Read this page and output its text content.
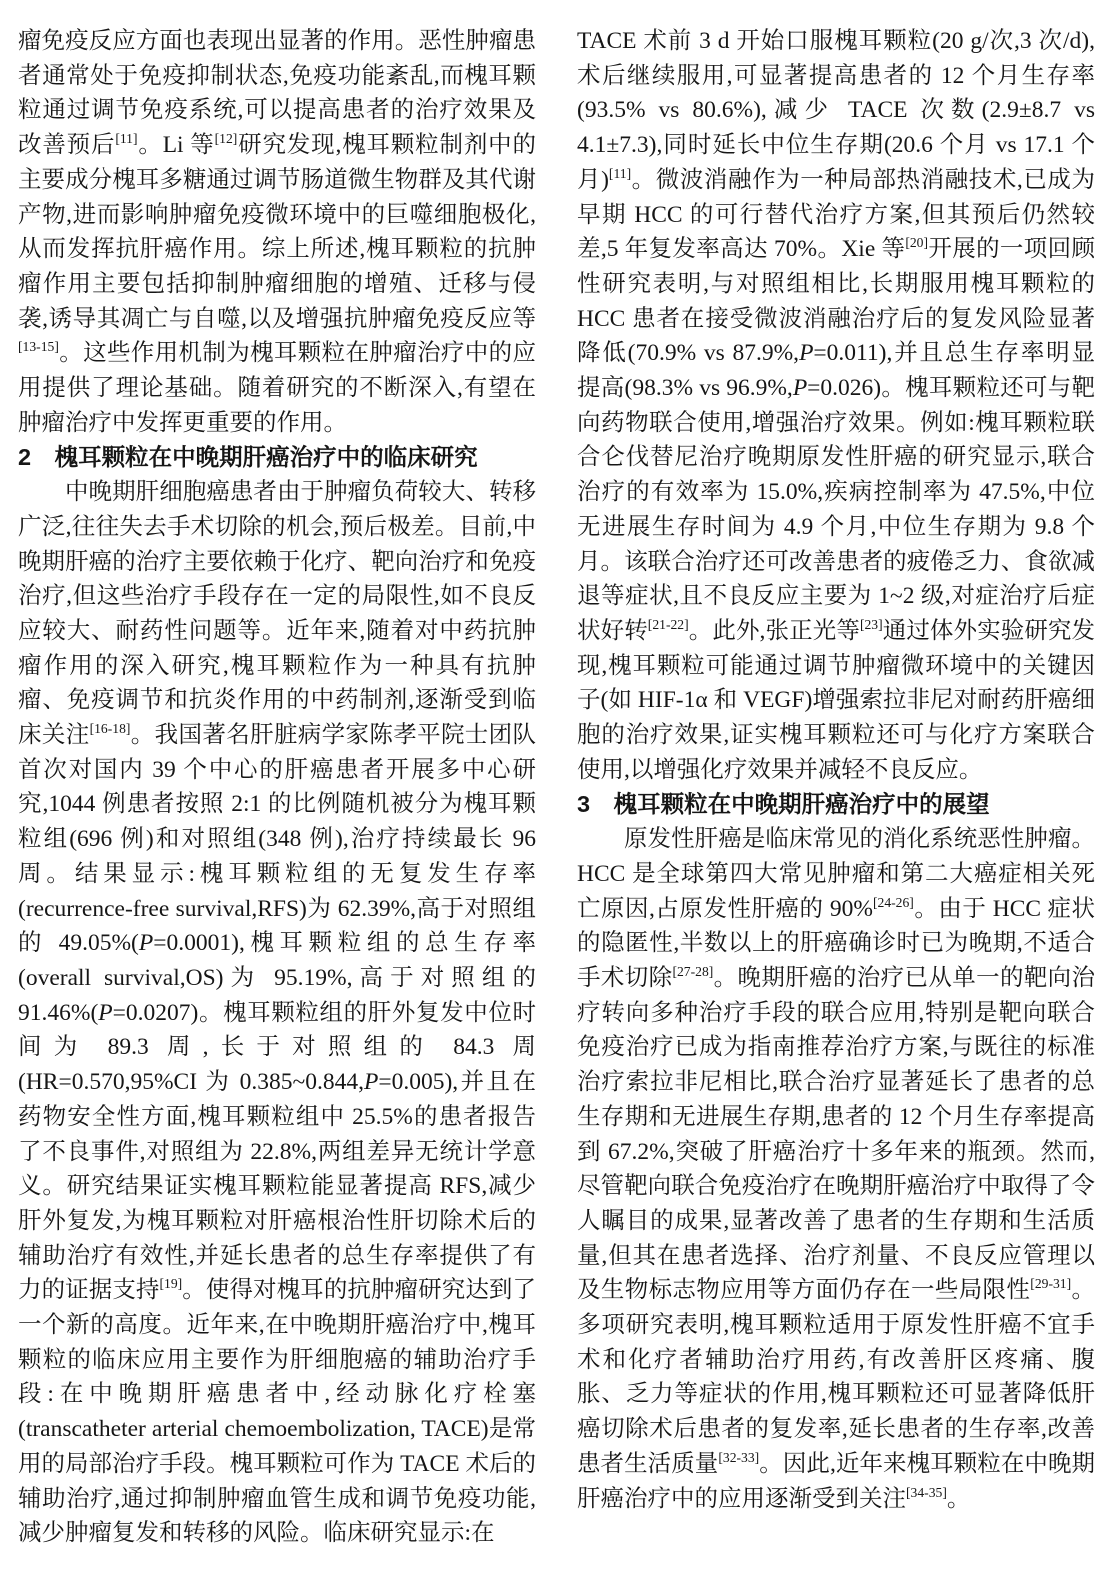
瘤免疫反应方面也表现出显著的作用。恶性肿瘤患者通常处于免疫抑制状态,免疫功能紊乱,而槐耳颗粒通过调节免疫系统,可以提高患者的治疗效果及改善预后[11]。Li 等[12]研究发现,槐耳颗粒制剂中的主要成分槐耳多糖通过调节肠道微生物群及其代谢产物,进而影响肿瘤免疫微环境中的巨噬细胞极化,从而发挥抗肝癌作用。综上所述,槐耳颗粒的抗肿瘤作用主要包括抑制肿瘤细胞的增殖、迁移与侵袭,诱导其凋亡与自噬,以及增强抗肿瘤免疫反应等[13-15]。这些作用机制为槐耳颗粒在肿瘤治疗中的应用提供了理论基础。随着研究的不断深入,有望在肿瘤治疗中发挥更重要的作用。

2　槐耳颗粒在中晚期肝癌治疗中的临床研究

中晚期肝细胞癌患者由于肿瘤负荷较大、转移广泛,往往失去手术切除的机会,预后极差。目前,中晚期肝癌的治疗主要依赖于化疗、靶向治疗和免疫治疗,但这些治疗手段存在一定的局限性,如不良反应较大、耐药性问题等。近年来,随着对中药抗肿瘤作用的深入研究,槐耳颗粒作为一种具有抗肿瘤、免疫调节和抗炎作用的中药制剂,逐渐受到临床关注[16-18]。我国著名肝脏病学家陈孝平院士团队首次对国内 39 个中心的肝癌患者开展多中心研究,1044 例患者按照 2:1 的比例随机被分为槐耳颗粒组(696 例)和对照组(348 例),治疗持续最长 96 周。结果显示:槐耳颗粒组的无复发生存率(recurrence-free survival,RFS)为 62.39%,高于对照组的 49.05%(P=0.0001),槐耳颗粒组的总生存率(overall survival,OS)为 95.19%,高于对照组的 91.46%(P=0.0207)。槐耳颗粒组的肝外复发中位时间为 89.3 周,长于对照组的 84.3 周(HR=0.570,95%CI 为 0.385~0.844,P=0.005),并且在药物安全性方面,槐耳颗粒组中 25.5%的患者报告了不良事件,对照组为 22.8%,两组差异无统计学意义。研究结果证实槐耳颗粒能显著提高 RFS,减少肝外复发,为槐耳颗粒对肝癌根治性肝切除术后的辅助治疗有效性,并延长患者的总生存率提供了有力的证据支持[19]。使得对槐耳的抗肿瘤研究达到了一个新的高度。近年来,在中晚期肝癌治疗中,槐耳颗粒的临床应用主要作为肝细胞癌的辅助治疗手段:在中晚期肝癌患者中,经动脉化疗栓塞(transcatheter arterial chemoembolization, TACE)是常用的局部治疗手段。槐耳颗粒可作为 TACE 术后的辅助治疗,通过抑制肿瘤血管生成和调节免疫功能,减少肿瘤复发和转移的风险。临床研究显示:在

TACE 术前 3 d 开始口服槐耳颗粒(20 g/次,3 次/d),术后继续服用,可显著提高患者的 12 个月生存率(93.5% vs 80.6%),减少 TACE 次数(2.9±8.7 vs 4.1±7.3),同时延长中位生存期(20.6 个月 vs 17.1 个月)[11]。微波消融作为一种局部热消融技术,已成为早期 HCC 的可行替代治疗方案,但其预后仍然较差,5 年复发率高达 70%。Xie 等[20]开展的一项回顾性研究表明,与对照组相比,长期服用槐耳颗粒的 HCC 患者在接受微波消融治疗后的复发风险显著降低(70.9% vs 87.9%,P=0.011),并且总生存率明显提高(98.3% vs 96.9%,P=0.026)。槐耳颗粒还可与靶向药物联合使用,增强治疗效果。例如:槐耳颗粒联合仑伐替尼治疗晚期原发性肝癌的研究显示,联合治疗的有效率为 15.0%,疾病控制率为 47.5%,中位无进展生存时间为 4.9 个月,中位生存期为 9.8 个月。该联合治疗还可改善患者的疲倦乏力、食欲减退等症状,且不良反应主要为 1~2 级,对症治疗后症状好转[21-22]。此外,张正光等[23]通过体外实验研究发现,槐耳颗粒可能通过调节肿瘤微环境中的关键因子(如 HIF-1α 和 VEGF)增强索拉非尼对耐药肝癌细胞的治疗效果,证实槐耳颗粒还可与化疗方案联合使用,以增强化疗效果并减轻不良反应。

3　槐耳颗粒在中晚期肝癌治疗中的展望

原发性肝癌是临床常见的消化系统恶性肿瘤。HCC 是全球第四大常见肿瘤和第二大癌症相关死亡原因,占原发性肝癌的 90%[24-26]。由于 HCC 症状的隐匿性,半数以上的肝癌确诊时已为晚期,不适合手术切除[27-28]。晚期肝癌的治疗已从单一的靶向治疗转向多种治疗手段的联合应用,特别是靶向联合免疫治疗已成为指南推荐治疗方案,与既往的标准治疗索拉非尼相比,联合治疗显著延长了患者的总生存期和无进展生存期,患者的 12 个月生存率提高到 67.2%,突破了肝癌治疗十多年来的瓶颈。然而,尽管靶向联合免疫治疗在晚期肝癌治疗中取得了令人瞩目的成果,显著改善了患者的生存期和生活质量,但其在患者选择、治疗剂量、不良反应管理以及生物标志物应用等方面仍存在一些局限性[29-31]。多项研究表明,槐耳颗粒适用于原发性肝癌不宜手术和化疗者辅助治疗用药,有改善肝区疼痛、腹胀、乏力等症状的作用,槐耳颗粒还可显著降低肝癌切除术后患者的复发率,延长患者的生存率,改善患者生活质量[32-33]。因此,近年来槐耳颗粒在中晚期肝癌治疗中的应用逐渐受到关注[34-35]。
